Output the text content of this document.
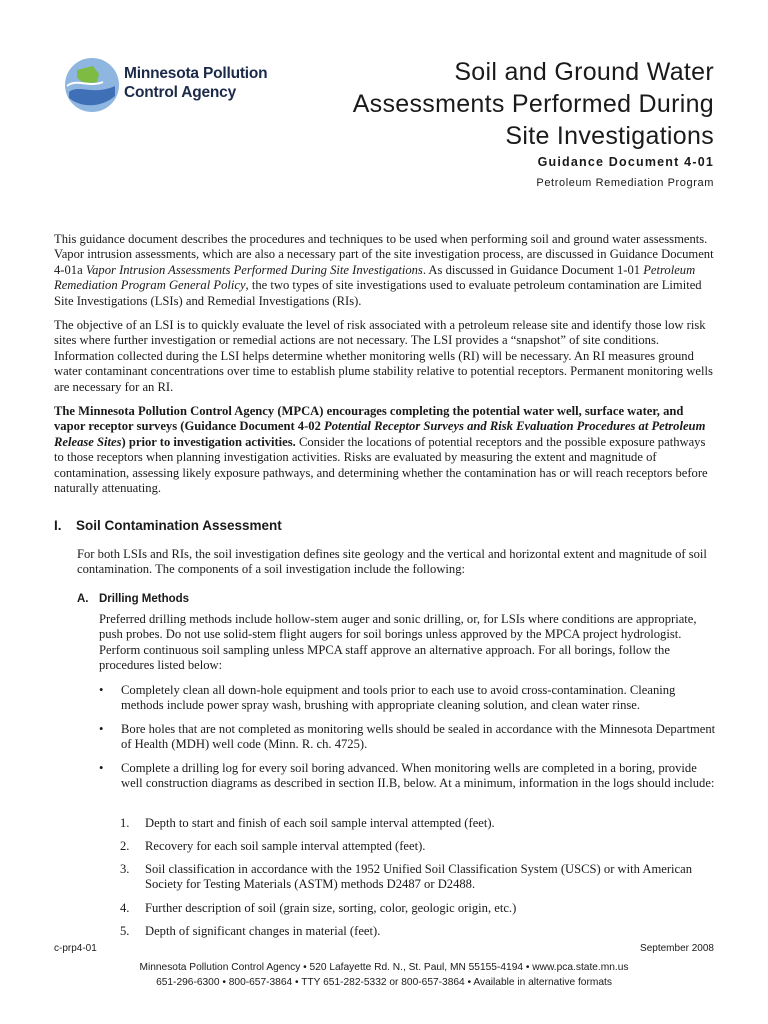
Minnesota Pollution
Control Agency
Soil and Ground Water
Assessments Performed During
Site Investigations
Guidance Document 4-01
Petroleum Remediation Program

This guidance document describes the procedures and techniques to be used when performing soil and ground water assessments. Vapor intrusion assessments, which are also a necessary part of the site investigation process, are discussed in Guidance Document 4-01a Vapor Intrusion Assessments Performed During Site Investigations. As discussed in Guidance Document 1-01 Petroleum Remediation Program General Policy, the two types of site investigations used to evaluate petroleum contamination are Limited Site Investigations (LSIs) and Remedial Investigations (RIs).

The objective of an LSI is to quickly evaluate the level of risk associated with a petroleum release site and identify those low risk sites where further investigation or remedial actions are not necessary. The LSI provides a “snapshot” of site conditions. Information collected during the LSI helps determine whether monitoring wells (RI) will be necessary. An RI measures ground water contaminant concentrations over time to establish plume stability relative to potential receptors. Permanent monitoring wells are necessary for an RI.

The Minnesota Pollution Control Agency (MPCA) encourages completing the potential water well, surface water, and vapor receptor surveys (Guidance Document 4-02 Potential Receptor Surveys and Risk Evaluation Procedures at Petroleum Release Sites) prior to investigation activities. Consider the locations of potential receptors and the possible exposure pathways to those receptors when planning investigation activities. Risks are evaluated by measuring the extent and magnitude of contamination, assessing likely exposure pathways, and determining whether the contamination has or will reach receptors before naturally attenuating.

I. Soil Contamination Assessment

For both LSIs and RIs, the soil investigation defines site geology and the vertical and horizontal extent and magnitude of soil contamination. The components of a soil investigation include the following:

A. Drilling Methods

Preferred drilling methods include hollow-stem auger and sonic drilling, or, for LSIs where conditions are appropriate, push probes. Do not use solid-stem flight augers for soil borings unless approved by the MPCA project hydrologist. Perform continuous soil sampling unless MPCA staff approve an alternative approach. For all borings, follow the procedures listed below:

•	Completely clean all down-hole equipment and tools prior to each use to avoid cross-contamination. Cleaning methods include power spray wash, brushing with appropriate cleaning solution, and clean water rinse.
•	Bore holes that are not completed as monitoring wells should be sealed in accordance with the Minnesota Department of Health (MDH) well code (Minn. R. ch. 4725).
•	Complete a drilling log for every soil boring advanced. When monitoring wells are completed in a boring, provide well construction diagrams as described in section II.B, below. At a minimum, information in the logs should include:
1.	Depth to start and finish of each soil sample interval attempted (feet).
2.	Recovery for each soil sample interval attempted (feet).
3.	Soil classification in accordance with the 1952 Unified Soil Classification System (USCS) or with American Society for Testing Materials (ASTM) methods D2487 or D2488.
4.	Further description of soil (grain size, sorting, color, geologic origin, etc.)
5.	Depth of significant changes in material (feet).
c-prp4-01	September 2008
Minnesota Pollution Control Agency • 520 Lafayette Rd. N., St. Paul, MN 55155-4194 • www.pca.state.mn.us
651-296-6300 • 800-657-3864 • TTY 651-282-5332 or 800-657-3864 • Available in alternative formats
